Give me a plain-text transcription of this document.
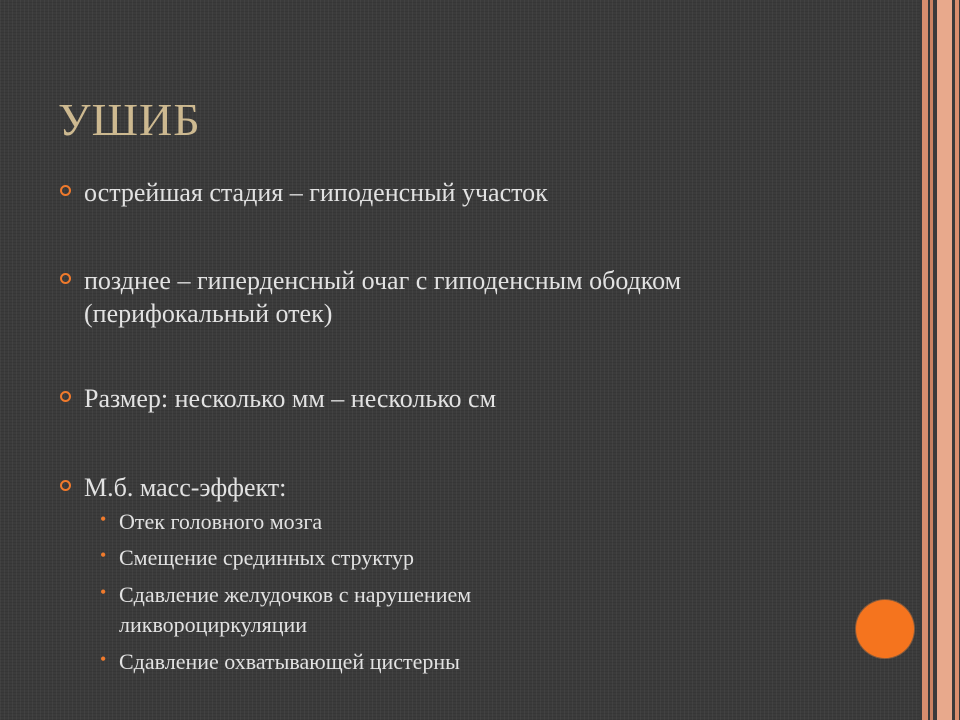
УШИБ
острейшая стадия – гиподенсный участок
позднее – гиперденсный очаг с гиподенсным ободком (перифокальный отек)
Размер: несколько мм – несколько см
М.б. масс-эффект:
• Отек головного мозга
• Смещение срединных структур
• Сдавление желудочков с нарушением ликвороциркуляции
• Сдавление охватывающей цистерны
